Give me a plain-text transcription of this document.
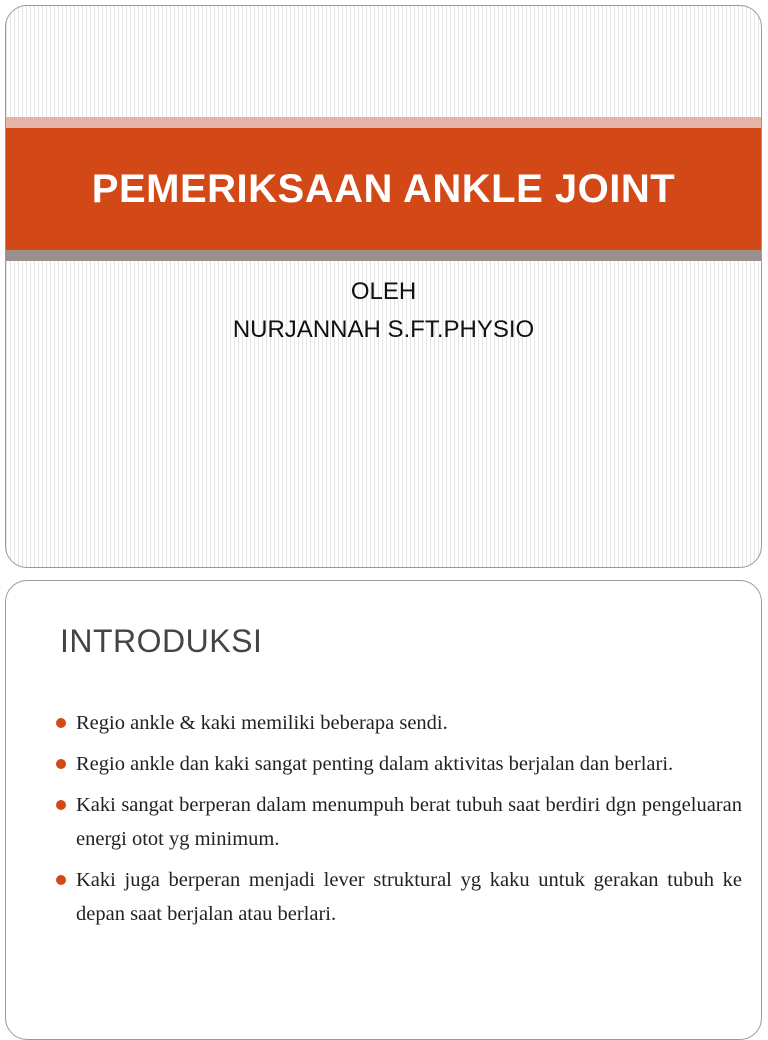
PEMERIKSAAN ANKLE JOINT
OLEH
NURJANNAH S.FT.PHYSIO
INTRODUKSI
Regio ankle & kaki memiliki beberapa sendi.
Regio ankle dan kaki sangat penting dalam aktivitas berjalan dan berlari.
Kaki sangat berperan dalam menumpuh berat tubuh saat berdiri dgn pengeluaran energi otot yg minimum.
Kaki juga berperan menjadi lever struktural yg kaku untuk gerakan tubuh ke depan saat berjalan atau berlari.
